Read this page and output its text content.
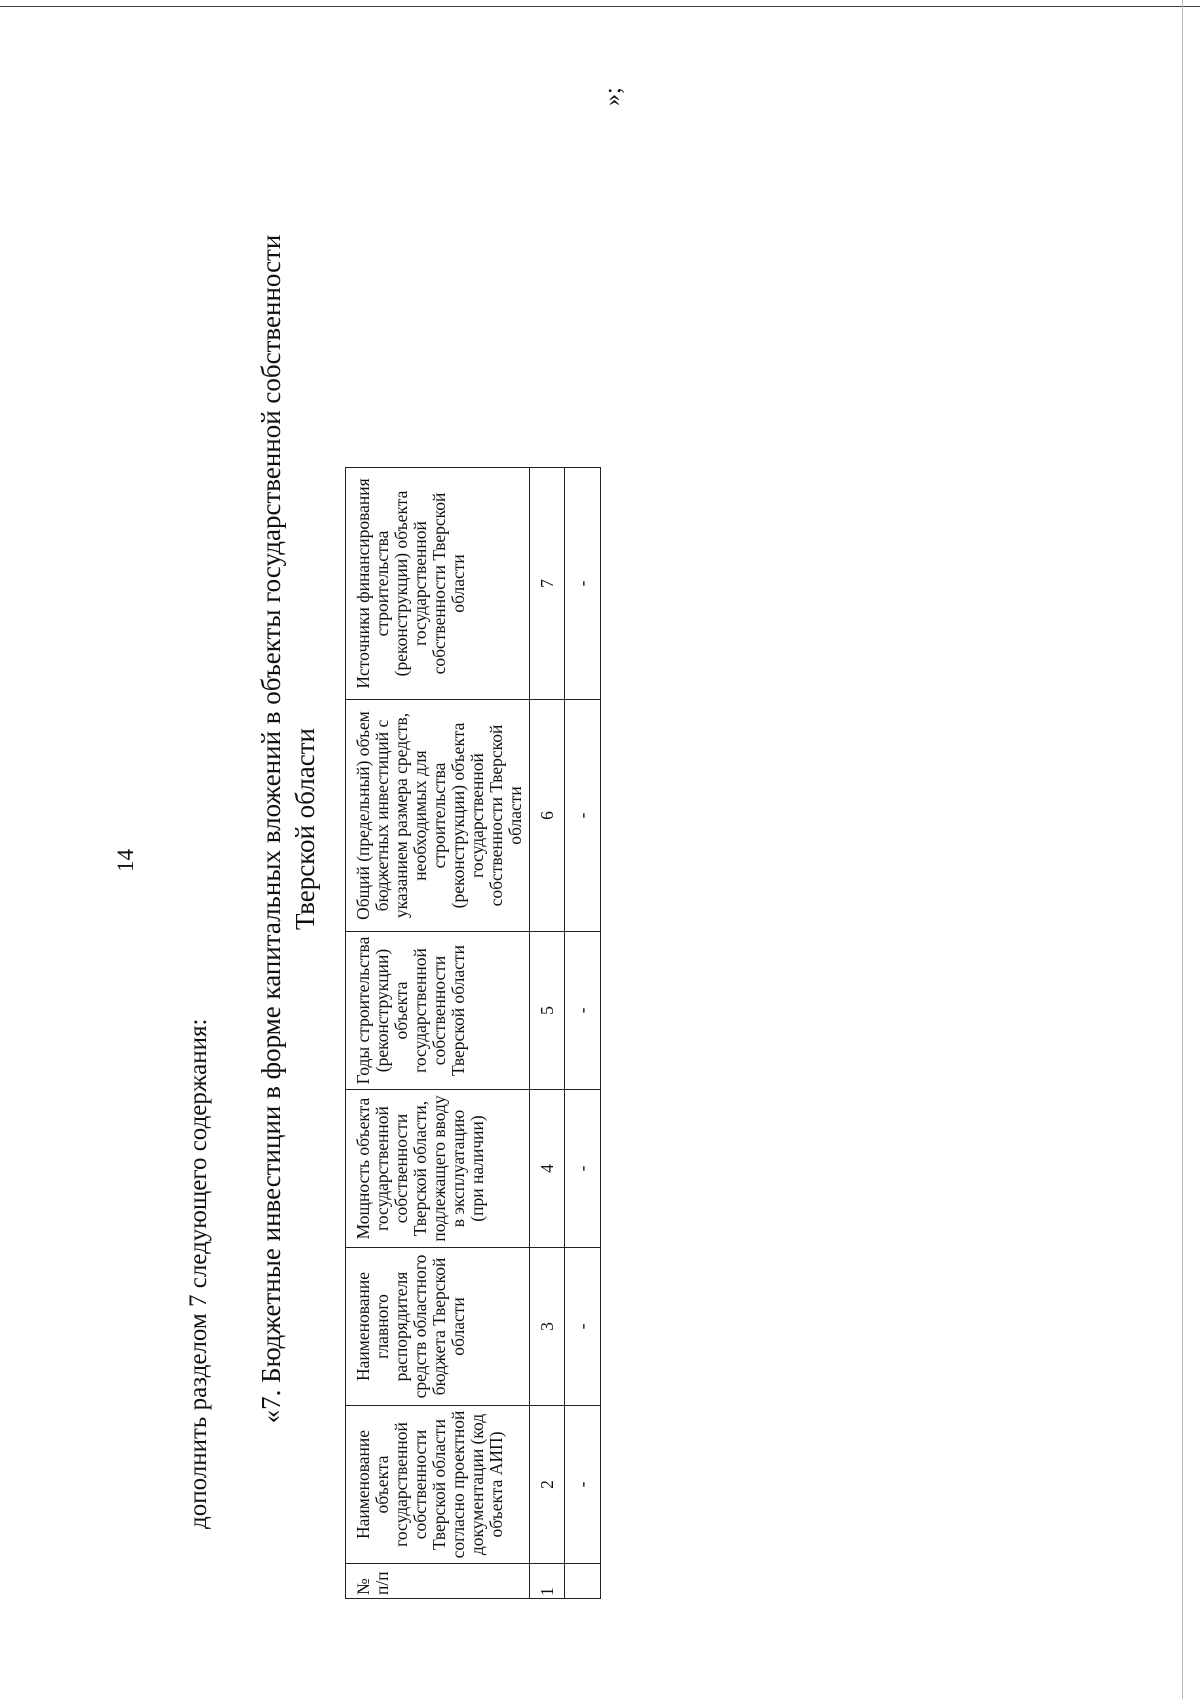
14
дополнить разделом 7 следующего содержания: «7. Бюджетные инвестиции в форме капитальных вложений в объекты государственной собственности Тверской области
№ п/п	Наименование объекта государственной собственности Тверской области согласно проектной документации (код объекта АИП)	Наименование главного распорядителя средств областного бюджета Тверской области	Мощность объекта государственной собственности Тверской области, подлежащего вводу в эксплуатацию (при наличии)	Годы строительства (реконструкции) объекта государственной собственности Тверской области	Общий (предельный) объем бюджетных инвестиций с указанием размера средств, необходимых для строительства (реконструкции) объекта государственной собственности Тверской области	Источники финансирования строительства (реконструкции) объекта государственной собственности Тверской области
1	2	3	4	5	6	7
	-	-	-	-	-	-
»;
